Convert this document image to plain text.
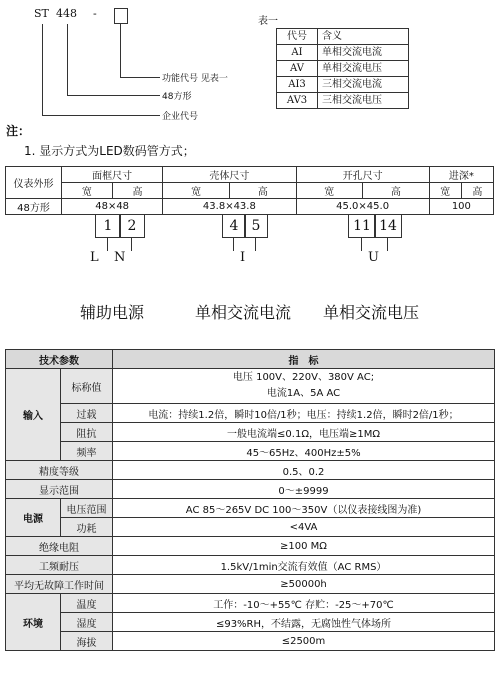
ST 448 -
功能代号 见表一
48方形
企业代号
表一
代号	含义
AI	单相交流电流
AV	单相交流电压
AI3	三相交流电流
AV3	三相交流电压
注：
1. 显示方式为LED数码管方式；
仪表外形	面框尺寸		壳体尺寸		开孔尺寸		进深*	
	宽	高	宽	高	宽	高	宽	高
48方形	48×48		43.8×43.8		45.0×45.0		100	
1	2
L N
辅助电源
4 5
I
单相交流电流
11 14
U
单相交流电压
技术参数		指　标
输入	标称值	电压 100V、220V、380V AC;
电流1A、5A AC

	过载	电流：持续1.2倍，瞬时10倍/1秒；电压：持续1.2倍，瞬时2倍/1秒；
	阻抗	一般电流端≤0.1Ω，电压端≥1MΩ
	频率	45～65Hz、400Hz±5%
精度等级		0.5、0.2
显示范围		0～±9999
电源	电压范围	AC 85～265V DC 100～350V（以仪表接线图为准)
	功耗	<4VA
绝缘电阻		≥100 MΩ
工频耐压		1.5kV/1min交流有效值（AC RMS）
平均无故障工作时间		≥50000h
环境	温度	工作：-10～+55℃ 存贮：-25～+70℃
	湿度	≤93%RH，不结露，无腐蚀性气体场所
	海拔	≤2500m
